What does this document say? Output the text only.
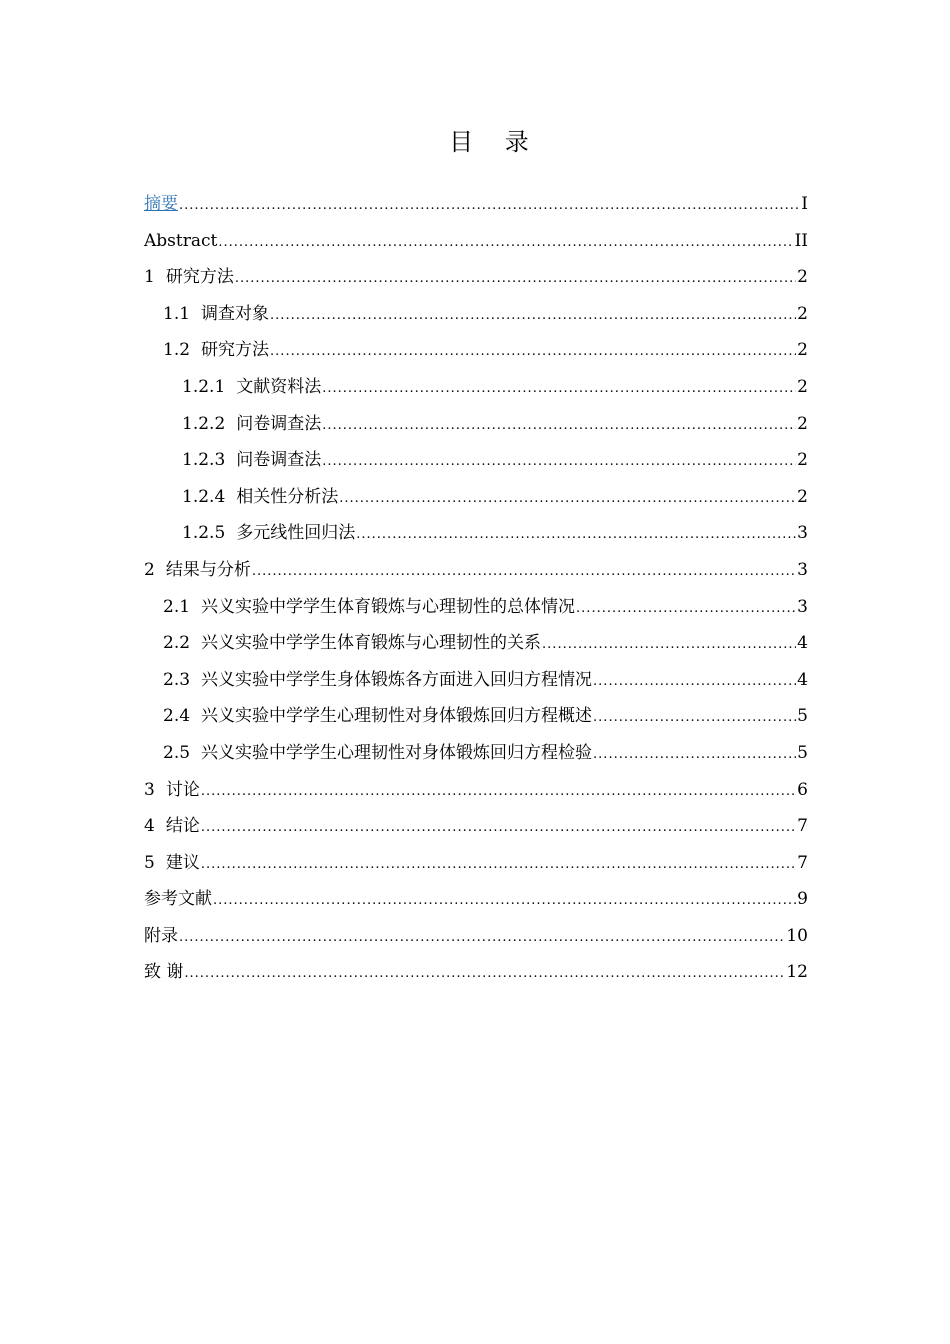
目 录
摘要 .....	I
Abstract .....	II
1 研究方法 .....	2
1.1 调查对象 .....	2
1.2 研究方法 .....	2
1.2.1 文献资料法 .....	2
1.2.2 问卷调查法 .....	2
1.2.3 问卷调查法 .....	2
1.2.4 相关性分析法 .....	2
1.2.5 多元线性回归法 .....	3
2 结果与分析 .....	3
2.1 兴义实验中学学生体育锻炼与心理韧性的总体情况 .....	3
2.2 兴义实验中学学生体育锻炼与心理韧性的关系 .....	4
2.3 兴义实验中学学生身体锻炼各方面进入回归方程情况 .....	4
2.4 兴义实验中学学生心理韧性对身体锻炼回归方程概述 .....	5
2.5 兴义实验中学学生心理韧性对身体锻炼回归方程检验 .....	5
3 讨论 .....	6
4 结论 .....	7
5 建议 .....	7
参考文献 .....	9
附录 .....	10
致 谢 .....	12
